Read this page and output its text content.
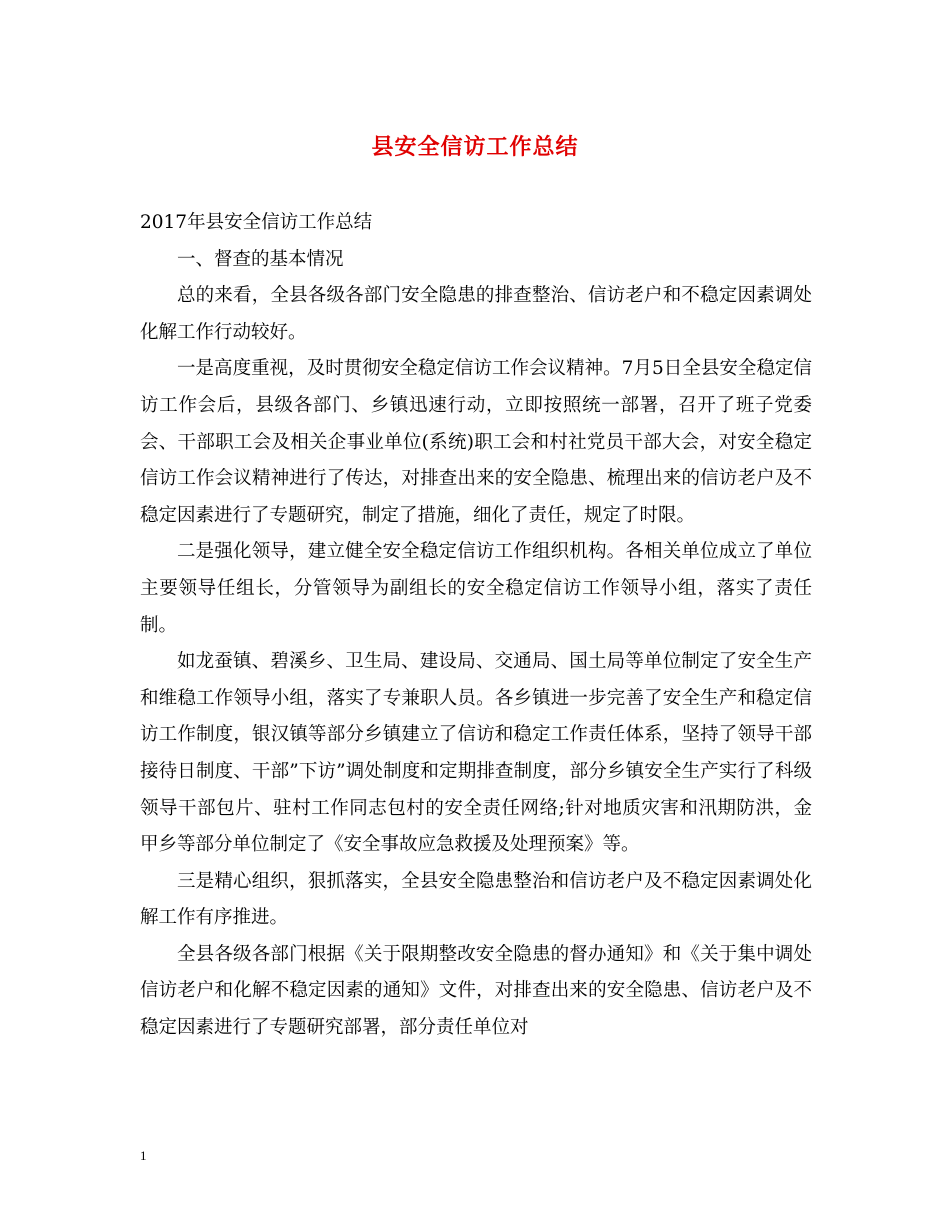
县安全信访工作总结

2017年县安全信访工作总结

一、督查的基本情况

总的来看，全县各级各部门安全隐患的排查整治、信访老户和不稳定因素调处化解工作行动较好。

一是高度重视，及时贯彻安全稳定信访工作会议精神。7月5日全县安全稳定信访工作会后，县级各部门、乡镇迅速行动，立即按照统一部署，召开了班子党委会、干部职工会及相关企事业单位(系统)职工会和村社党员干部大会，对安全稳定信访工作会议精神进行了传达，对排查出来的安全隐患、梳理出来的信访老户及不稳定因素进行了专题研究，制定了措施，细化了责任，规定了时限。

二是强化领导，建立健全安全稳定信访工作组织机构。各相关单位成立了单位主要领导任组长，分管领导为副组长的安全稳定信访工作领导小组，落实了责任制。

如龙蚕镇、碧溪乡、卫生局、建设局、交通局、国土局等单位制定了安全生产和维稳工作领导小组，落实了专兼职人员。各乡镇进一步完善了安全生产和稳定信访工作制度，银汉镇等部分乡镇建立了信访和稳定工作责任体系，坚持了领导干部接待日制度、干部”下访”调处制度和定期排查制度，部分乡镇安全生产实行了科级领导干部包片、驻村工作同志包村的安全责任网络;针对地质灾害和汛期防洪，金甲乡等部分单位制定了《安全事故应急救援及处理预案》等。

三是精心组织，狠抓落实，全县安全隐患整治和信访老户及不稳定因素调处化解工作有序推进。

全县各级各部门根据《关于限期整改安全隐患的督办通知》和《关于集中调处信访老户和化解不稳定因素的通知》文件，对排查出来的安全隐患、信访老户及不稳定因素进行了专题研究部署，部分责任单位对

1
